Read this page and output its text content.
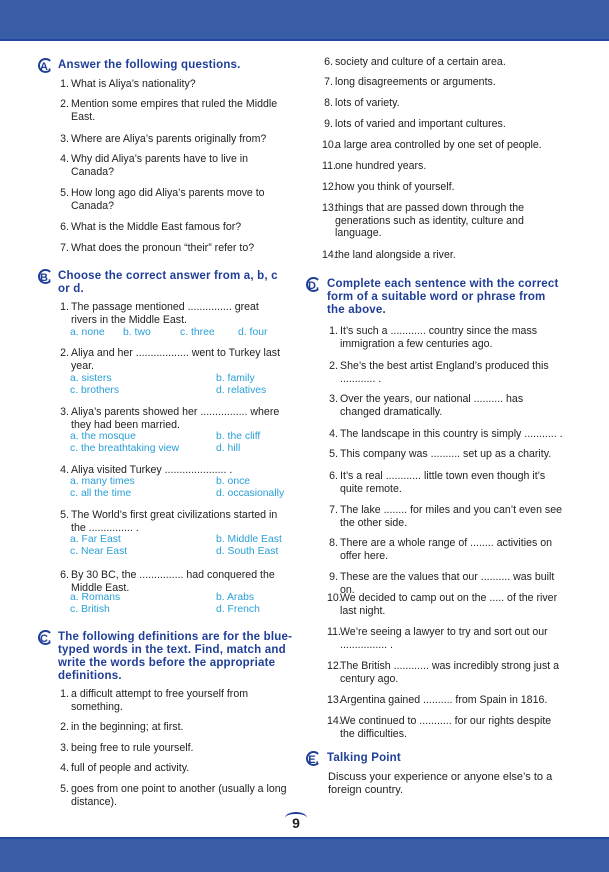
A. Answer the following questions.
1. What is Aliya’s nationality?
2. Mention some empires that ruled the Middle East.
3. Where are Aliya’s parents originally from?
4. Why did Aliya’s parents have to live in Canada?
5. How long ago did Aliya’s parents move to Canada?
6. What is the Middle East famous for?
7. What does the pronoun “their” refer to?
B. Choose the correct answer from a, b, c or d.
1. The passage mentioned ............... great rivers in the Middle East.
a. none b. two	c. three d. four
2. Aliya and her .................. went to Turkey last year.
a. sisters	b. family
c. brothers	d. relatives
3. Aliya’s parents showed her ................ where they had been married.
a. the mosque	b. the cliff
c. the breathtaking view	d. hill
4. Aliya visited Turkey ..................... .
a. many times	b. once
c. all the time	d. occasionally
5. The World’s first great civilizations started in the ............... .
a. Far East	b. Middle East
c. Near East	d. South East
6. By 30 BC, the ............... had conquered the Middle East.
a. Romans	b. Arabs
c. British	d. French
C. The following definitions are for the blue-typed words in the text. Find, match and write the words before the appropriate definitions.
1. a difficult attempt to free yourself from something.
2. in the beginning; at first.
3. being free to rule yourself.
4. full of people and activity.
5. goes from one point to another (usually a long distance).
6. society and culture of a certain area.
7. long disagreements or arguments.
8. lots of variety.
9. lots of varied and important cultures.
10.
a large area controlled by one set of people.
11. one hundred years.
12.
how you think of yourself.
13.
things that are passed down through the generations such as identity, culture and language.
14.
the land alongside a river.
D. Complete each sentence with the correct form of a suitable word or phrase from the above.
1. It’s such a ............ country since the mass immigration a few centuries ago.
2. She’s the best artist England’s produced this ............ .
3. Over the years, our national .......... has changed dramatically.
4. The landscape in this country is simply ........... .
5. This company was .......... set up as a charity.
6. It’s a real ............ little town even though it’s quite remote.
7. The lake ........ for miles and you can’t even see the other side.
8. There are a whole range of ........ activities on offer here.
9. These are the values that our .......... was built on.
10.
We decided to camp out on the ..... of the river last night.
11. We’re seeing a lawyer to try and sort out our ................ .
12.
The British ............ was incredibly strong just a century ago.
13.
Argentina gained .......... from Spain in 1816.
14.
We continued to ........... for our rights despite the difficulties.
E. Talking Point
Discuss your experience or anyone else’s to a foreign country.
9
